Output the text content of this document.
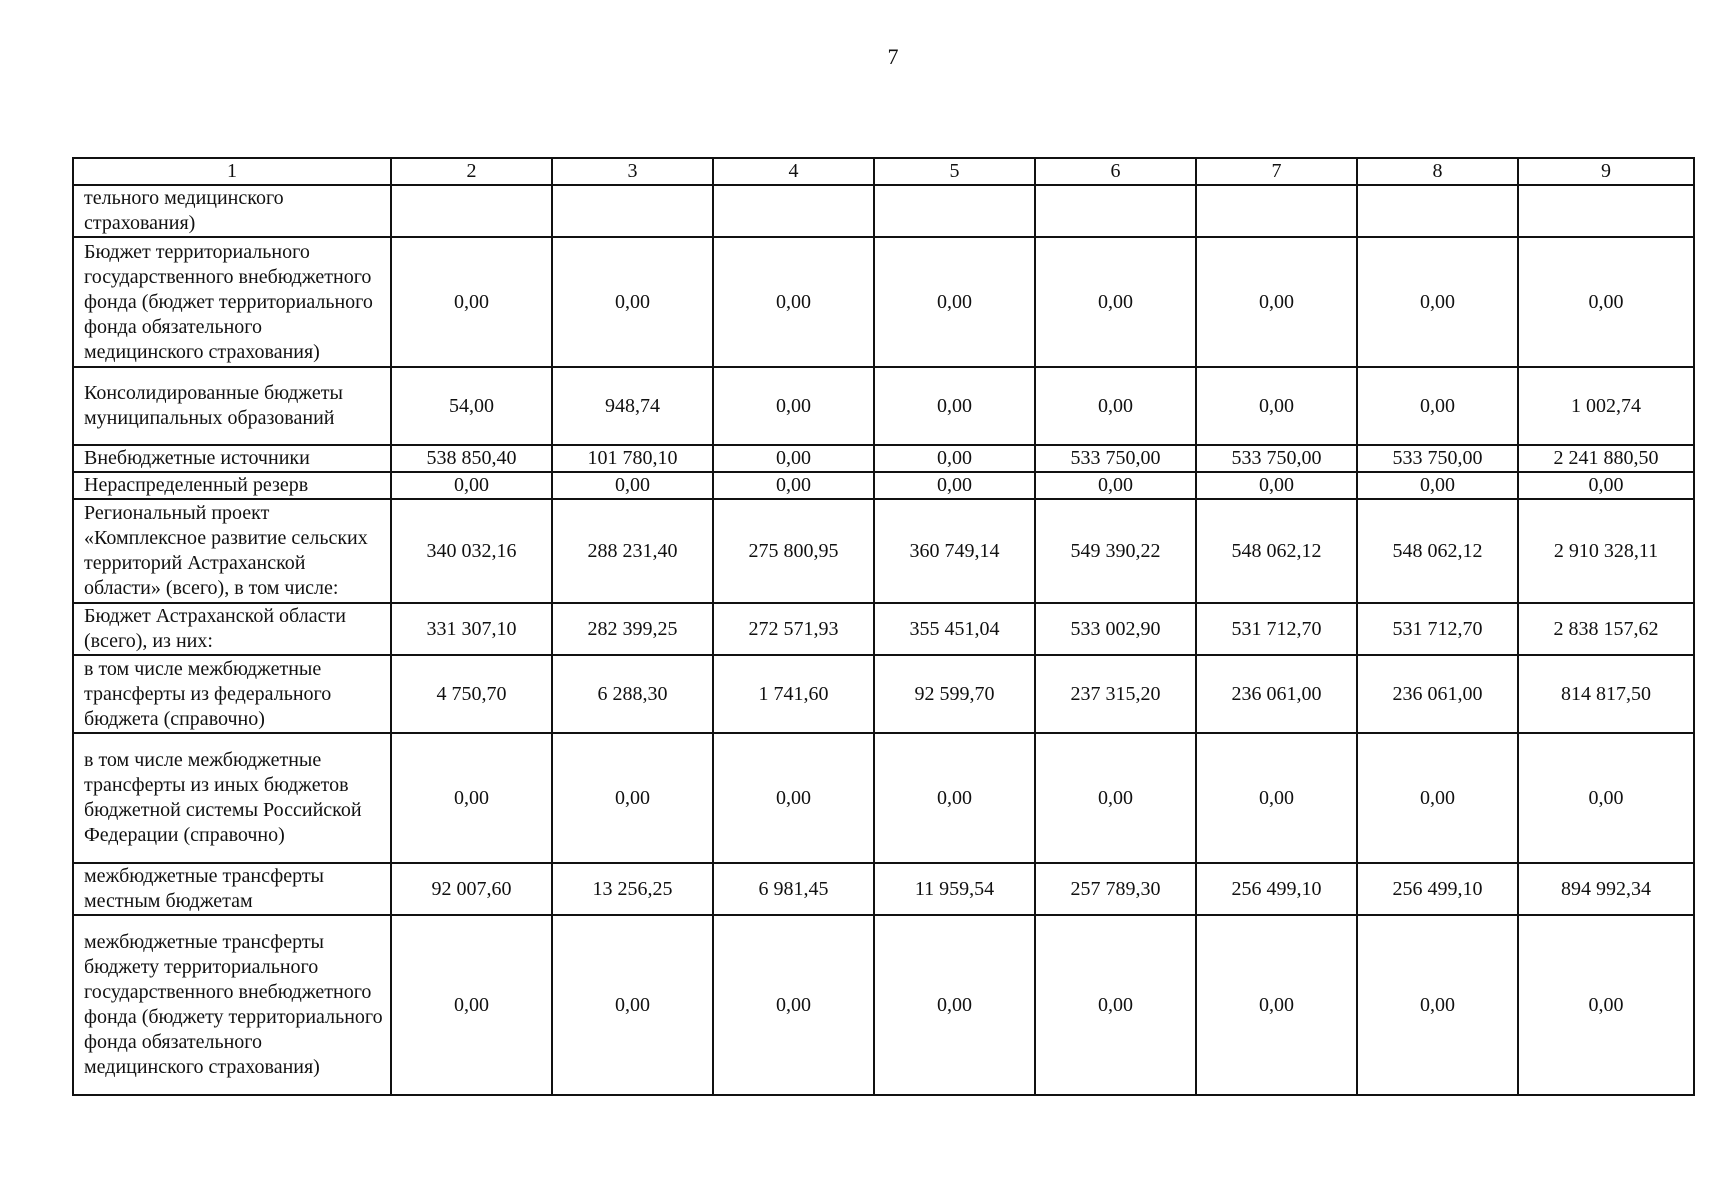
7
1	2	3	4	5	6	7	8	9
тельного медицинского страхования)								
Бюджет территориального государственного внебюджетного фонда (бюджет территориального фонда обязательного медицинского страхования)	0,00	0,00	0,00	0,00	0,00	0,00	0,00	0,00
Консолидированные бюджеты муниципальных образований	54,00	948,74	0,00	0,00	0,00	0,00	0,00	1 002,74
Внебюджетные источники	538 850,40	101 780,10	0,00	0,00	533 750,00	533 750,00	533 750,00	2 241 880,50
Нераспределенный резерв	0,00	0,00	0,00	0,00	0,00	0,00	0,00	0,00
Региональный проект «Комплексное развитие сельских территорий Астраханской области» (всего), в том числе:	340 032,16	288 231,40	275 800,95	360 749,14	549 390,22	548 062,12	548 062,12	2 910 328,11
Бюджет Астраханской области (всего), из них:	331 307,10	282 399,25	272 571,93	355 451,04	533 002,90	531 712,70	531 712,70	2 838 157,62
в том числе межбюджетные трансферты из федерального бюджета (справочно)	4 750,70	6 288,30	1 741,60	92 599,70	237 315,20	236 061,00	236 061,00	814 817,50
в том числе межбюджетные трансферты из иных бюджетов бюджетной системы Российской Федерации (справочно)	0,00	0,00	0,00	0,00	0,00	0,00	0,00	0,00
межбюджетные трансферты местным бюджетам	92 007,60	13 256,25	6 981,45	11 959,54	257 789,30	256 499,10	256 499,10	894 992,34
межбюджетные трансферты бюджету территориального государственного внебюджетного фонда (бюджету территориального фонда обязательного медицинского страхования)	0,00	0,00	0,00	0,00	0,00	0,00	0,00	0,00
